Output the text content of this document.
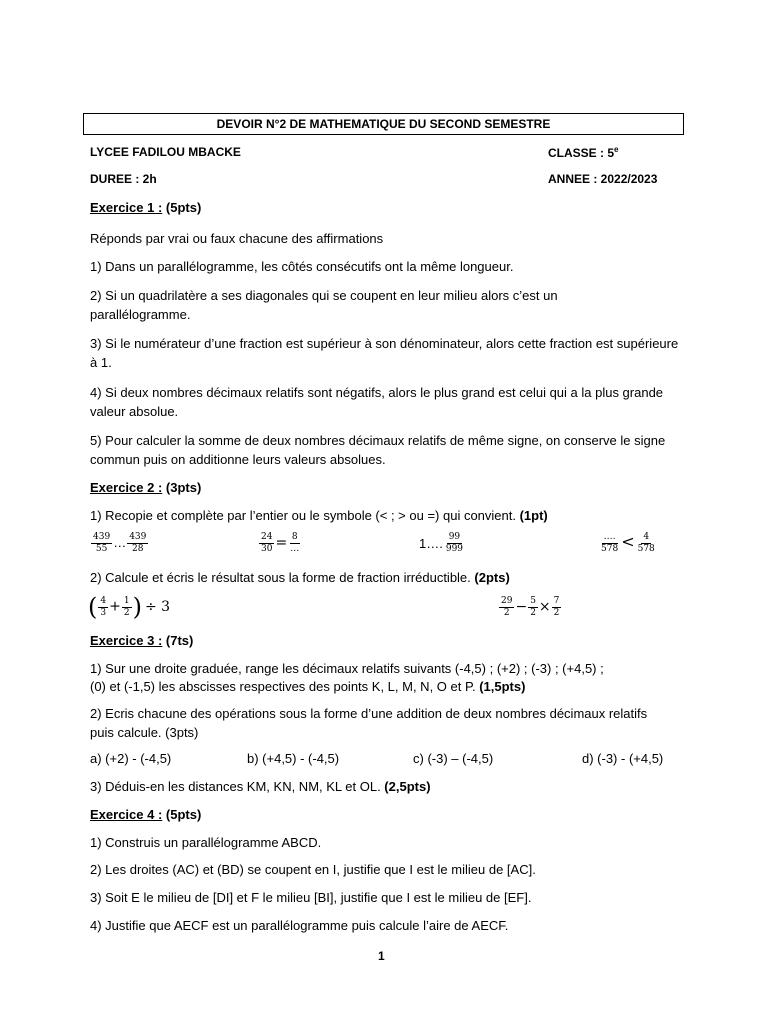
DEVOIR N°2 DE MATHEMATIQUE DU SECOND SEMESTRE
LYCEE FADILOU MBACKE	CLASSE : 5e
DUREE : 2h	ANNEE : 2022/2023
Exercice 1 : (5pts)
Réponds par vrai ou faux chacune des affirmations
1) Dans un parallélogramme, les côtés consécutifs ont la même longueur.
2) Si un quadrilatère a ses diagonales qui se coupent en leur milieu alors c’est un parallélogramme.
3) Si le numérateur d’une fraction est supérieur à son dénominateur, alors cette fraction est supérieure à 1.
4) Si deux nombres décimaux relatifs sont négatifs, alors le plus grand est celui qui a la plus grande valeur absolue.
5) Pour calculer la somme de deux nombres décimaux relatifs de même signe, on conserve le signe commun puis on additionne leurs valeurs absolues.
Exercice 2 : (3pts)
1) Recopie et complète par l’entier ou le symbole (< ; > ou =) qui convient. (1pt)
$\frac{439}{55}$ … $\frac{439}{28}$	$\frac{24}{30} = \frac{8}{\dots}$	1…. $\frac{99}{999}$	$\frac{\dots.}{578} < \frac{4}{578}$
2) Calcule et écris le résultat sous la forme de fraction irréductible. (2pts)
( $\frac{4}{3} + \frac{1}{2}$ ) ÷ 3	$\frac{29}{2} - \frac{5}{2} \times \frac{7}{2}$
Exercice 3 : (7ts)
1) Sur une droite graduée, range les décimaux relatifs suivants (-4,5) ; (+2) ; (-3) ; (+4,5) ;
(0) et (-1,5) les abscisses respectives des points K, L, M, N, O et P. (1,5pts)
2) Ecris chacune des opérations sous la forme d’une addition de deux nombres décimaux relatifs puis calcule. (3pts)
a) (+2) - (-4,5)	b) (+4,5) - (-4,5)	c) (-3) – (-4,5)	d) (-3) - (+4,5)
3) Déduis-en les distances KM, KN, NM, KL et OL. (2,5pts)
Exercice 4 : (5pts)
1) Construis un parallélogramme ABCD.
2) Les droites (AC) et (BD) se coupent en I, justifie que I est le milieu de [AC].
3) Soit E le milieu de [DI] et F le milieu [BI], justifie que I est le milieu de [EF].
4) Justifie que AECF est un parallélogramme puis calcule l’aire de AECF.
1
